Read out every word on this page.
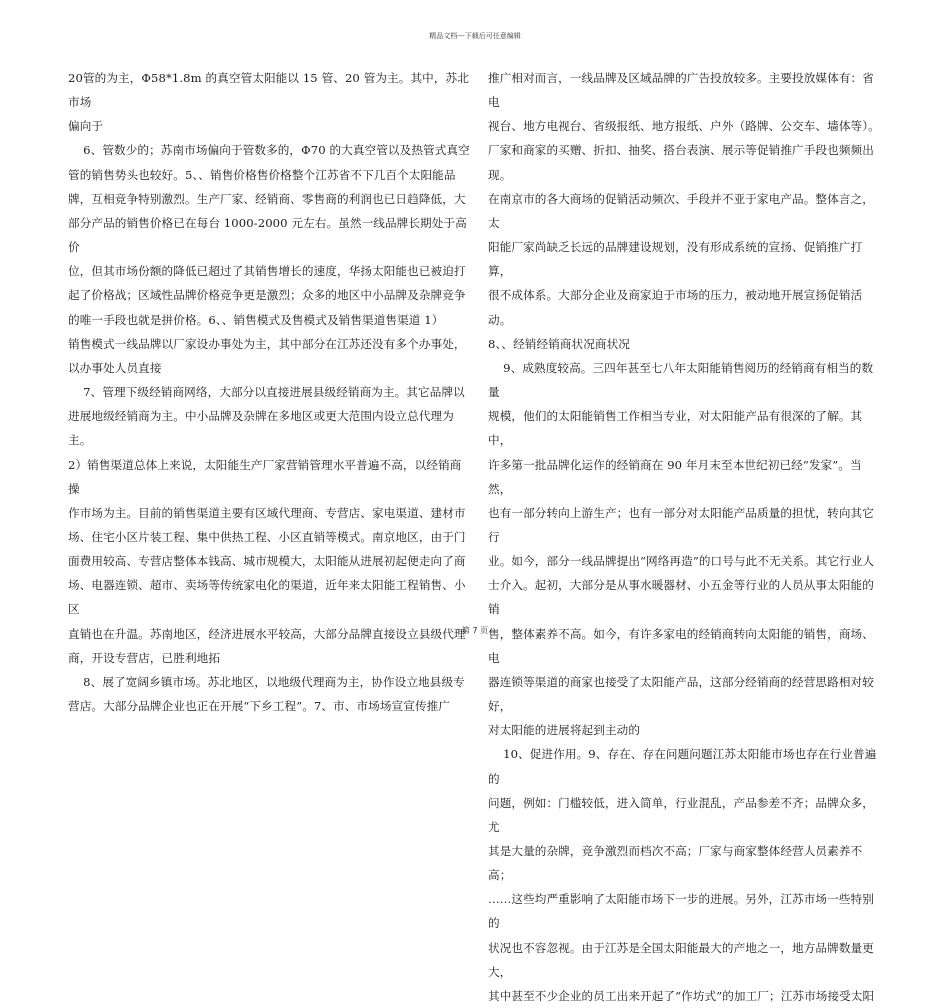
精品文档---下载后可任意编辑

20管的为主，Φ58*1.8m 的真空管太阳能以 15 管、20 管为主。其中，苏北市场

偏向于

6、管数少的；苏南市场偏向于管数多的，Φ70 的大真空管以及热管式真空

管的销售势头也较好。5、、销售价格售价格整个江苏省不下几百个太阳能品

牌，互相竞争特别激烈。生产厂家、经销商、零售商的利润也已日趋降低，大

部分产品的销售价格已在每台 1000-2000 元左右。虽然一线品牌长期处于高价

位，但其市场份额的降低已超过了其销售增长的速度，华扬太阳能也已被迫打

起了价格战；区域性品牌价格竞争更是激烈；众多的地区中小品牌及杂牌竞争

的唯一手段也就是拼价格。6、、销售模式及售模式及销售渠道售渠道 1）

销售模式一线品牌以厂家设办事处为主，其中部分在江苏还没有多个办事处，

以办事处人员直接

7、管理下级经销商网络，大部分以直接进展县级经销商为主。其它品牌以

进展地级经销商为主。中小品牌及杂牌在多地区或更大范围内设立总代理为主。

2）销售渠道总体上来说，太阳能生产厂家营销管理水平普遍不高，以经销商操

作市场为主。目前的销售渠道主要有区域代理商、专营店、家电渠道、建材市

场、住宅小区片装工程、集中供热工程、小区直销等模式。南京地区，由于门

面费用较高、专营店整体本钱高、城市规模大，太阳能从进展初起便走向了商

场、电器连锁、超市、卖场等传统家电化的渠道，近年来太阳能工程销售、小区

直销也在升温。苏南地区，经济进展水平较高，大部分品牌直接设立县级代理

商，开设专营店，已胜利地拓

8、展了宽阔乡镇市场。苏北地区，以地级代理商为主，协作设立地县级专

营店。大部分品牌企业也正在开展“下乡工程”。7、市、市场场宣宣传推广

推广相对而言，一线品牌及区域品牌的广告投放较多。主要投放媒体有：省电

视台、地方电视台、省级报纸、地方报纸、户外（路牌、公交车、墙体等）。

厂家和商家的买赠、折扣、抽奖、搭台表演、展示等促销推广手段也频频出现。

在南京市的各大商场的促销活动频次、手段并不亚于家电产品。整体言之，太

阳能厂家尚缺乏长远的品牌建设规划，没有形成系统的宣扬、促销推广打算，

很不成体系。大部分企业及商家迫于市场的压力，被动地开展宣扬促销活动。

8、、经销经销商状况商状况

9、成熟度较高。三四年甚至七八年太阳能销售阅历的经销商有相当的数量

规模，他们的太阳能销售工作相当专业，对太阳能产品有很深的了解。其中，

许多第一批品牌化运作的经销商在 90 年月末至本世纪初已经“发家”。当然，

也有一部分转向上游生产；也有一部分对太阳能产品质量的担忧，转向其它行

业。如今，部分一线品牌提出“网络再造”的口号与此不无关系。其它行业人

士介入。起初，大部分是从事水暖器材、小五金等行业的人员从事太阳能的销

售，整体素养不高。如今，有许多家电的经销商转向太阳能的销售，商场、电

器连锁等渠道的商家也接受了太阳能产品，这部分经销商的经营思路相对较好，

对太阳能的进展将起到主动的

10、促进作用。9、存在、存在问题问题江苏太阳能市场也存在行业普遍的

问题，例如：门槛较低，进入简单，行业混乱，产品参差不齐；品牌众多，尤

其是大量的杂牌，竞争激烈而档次不高；厂家与商家整体经营人员素养不高；

……这些均严重影响了太阳能市场下一步的进展。另外，江苏市场一些特别的

状况也不容忽视。由于江苏是全国太阳能最大的产地之一，地方品牌数量更大，

其中甚至不少企业的员工出来开起了“作坊式”的加工厂；江苏市场接受太阳

第 7 页
